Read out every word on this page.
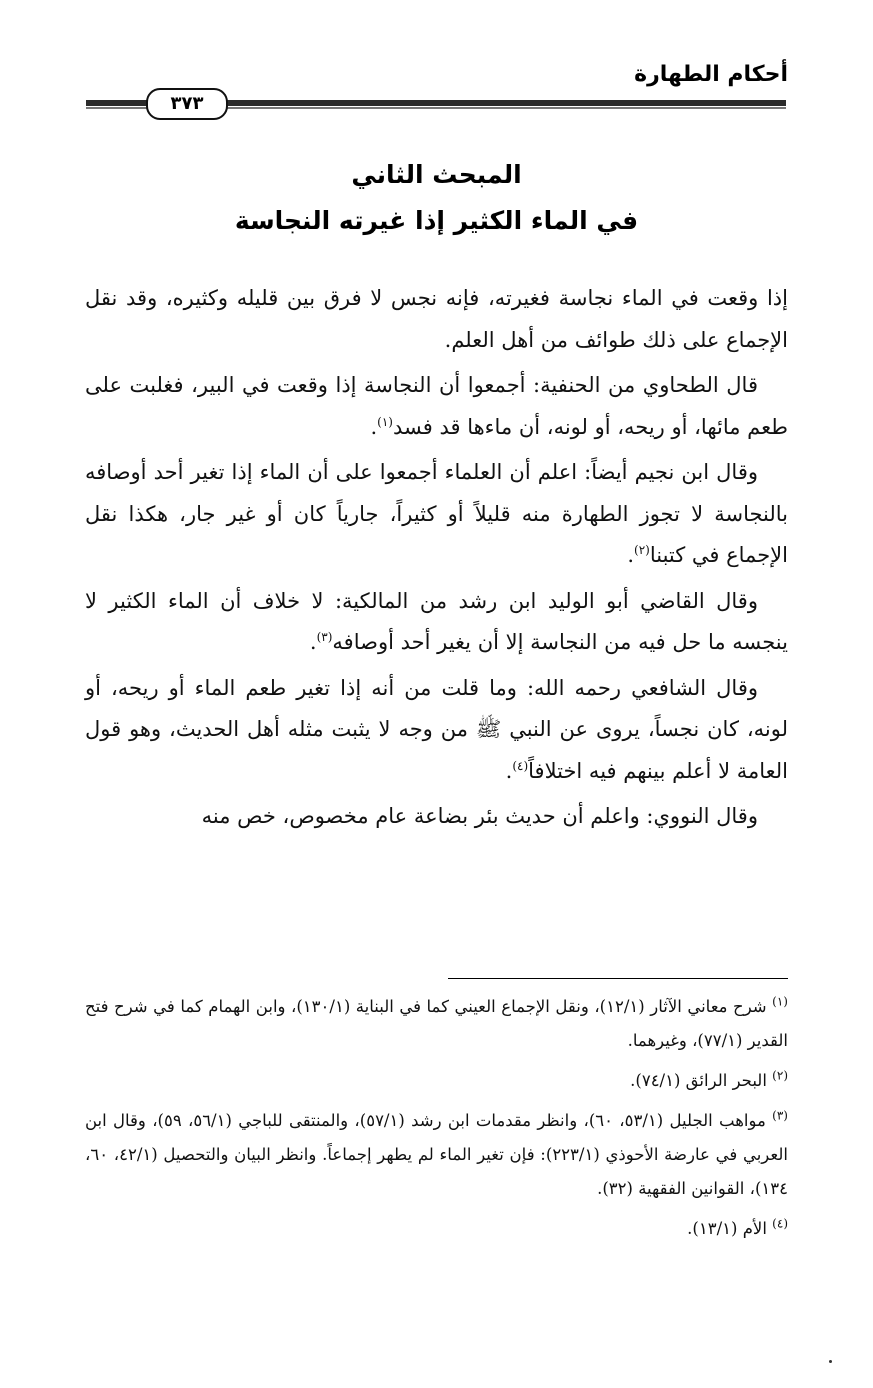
أحكام الطهارة
٣٧٣
المبحث الثاني
في الماء الكثير إذا غيرته النجاسة

إذا وقعت في الماء نجاسة فغيرته، فإنه نجس لا فرق بين قليله وكثيره، وقد نقل الإجماع على ذلك طوائف من أهل العلم.

قال الطحاوي من الحنفية: أجمعوا أن النجاسة إذا وقعت في البير، فغلبت على طعم مائها، أو ريحه، أو لونه، أن ماءها قد فسد$^{(١)}$.

وقال ابن نجيم أيضاً: اعلم أن العلماء أجمعوا على أن الماء إذا تغير أحد أوصافه بالنجاسة لا تجوز الطهارة منه قليلاً أو كثيراً، جارياً كان أو غير جار، هكذا نقل الإجماع في كتبنا$^{(٢)}$.

وقال القاضي أبو الوليد ابن رشد من المالكية: لا خلاف أن الماء الكثير لا ينجسه ما حل فيه من النجاسة إلا أن يغير أحد أوصافه$^{(٣)}$.

وقال الشافعي رحمه الله: وما قلت من أنه إذا تغير طعم الماء أو ريحه، أو لونه، كان نجساً، يروى عن النبي ﷺ من وجه لا يثبت مثله أهل الحديث، وهو قول العامة لا أعلم بينهم فيه اختلافاً$^{(٤)}$.

وقال النووي: واعلم أن حديث بئر بضاعة عام مخصوص، خص منه

$^{(١)}$ شرح معاني الآثار (١٢/١)، ونقل الإجماع العيني كما في البناية (١٣٠/١)، وابن الهمام كما في شرح فتح القدير (٧٧/١)، وغيرهما.

$^{(٢)}$ البحر الرائق (٧٤/١).

$^{(٣)}$ مواهب الجليل (٥٣/١، ٦٠)، وانظر مقدمات ابن رشد (٥٧/١)، والمنتقى للباجي (٥٦/١، ٥٩)، وقال ابن العربي في عارضة الأحوذي (٢٢٣/١): فإن تغير الماء لم يطهر إجماعاً. وانظر البيان والتحصيل (٤٢/١، ٦٠، ١٣٤)، القوانين الفقهية (٣٢).

$^{(٤)}$ الأم (١٣/١).
